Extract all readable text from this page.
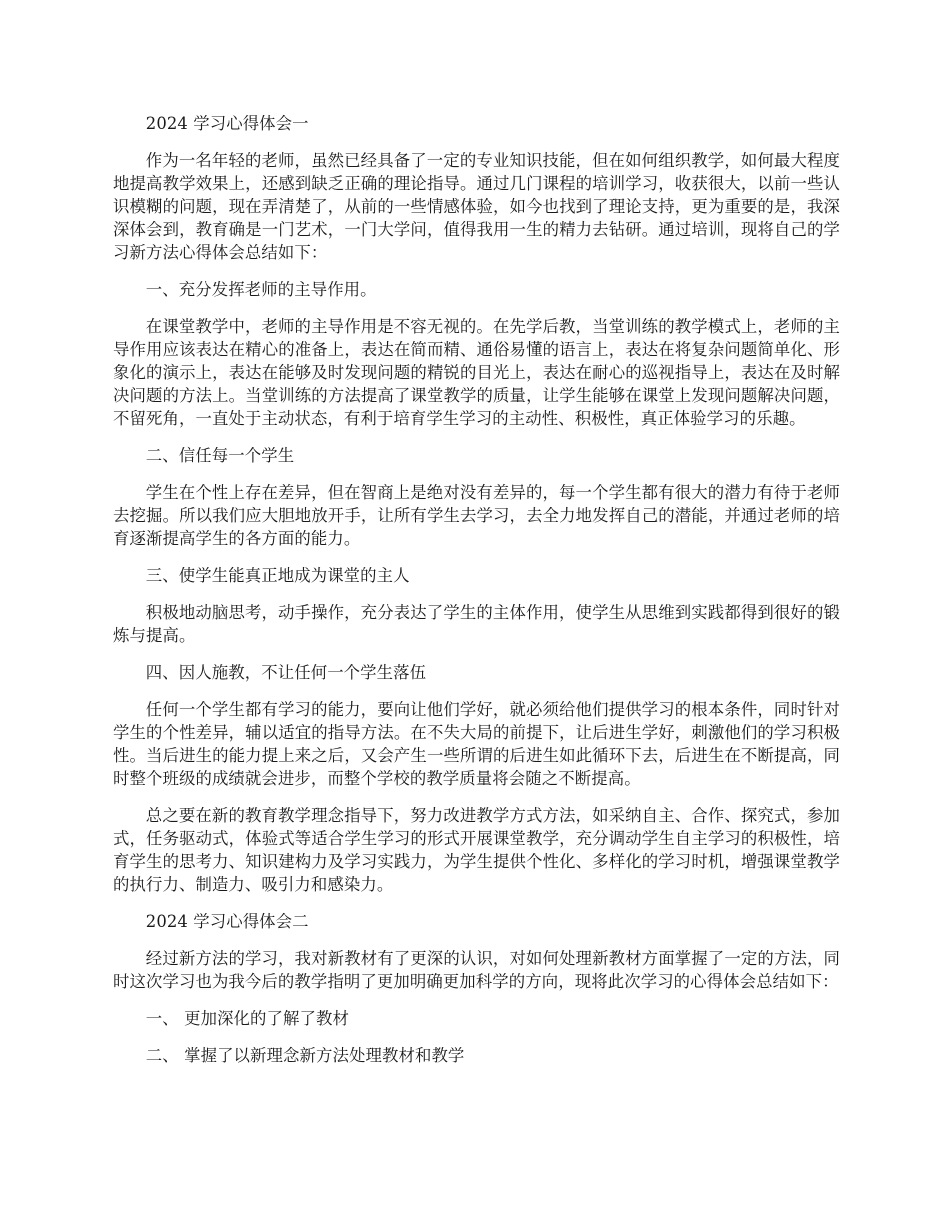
2024 学习心得体会一

作为一名年轻的老师，虽然已经具备了一定的专业知识技能，但在如何组织教学，如何最大程度地提高教学效果上，还感到缺乏正确的理论指导。通过几门课程的培训学习，收获很大，以前一些认识模糊的问题，现在弄清楚了，从前的一些情感体验，如今也找到了理论支持，更为重要的是，我深深体会到，教育确是一门艺术，一门大学问，值得我用一生的精力去钻研。通过培训，现将自己的学习新方法心得体会总结如下：

一、充分发挥老师的主导作用。

在课堂教学中，老师的主导作用是不容无视的。在先学后教，当堂训练的教学模式上，老师的主导作用应该表达在精心的准备上，表达在简而精、通俗易懂的语言上，表达在将复杂问题简单化、形象化的演示上，表达在能够及时发现问题的精锐的目光上，表达在耐心的巡视指导上，表达在及时解决问题的方法上。当堂训练的方法提高了课堂教学的质量，让学生能够在课堂上发现问题解决问题，不留死角，一直处于主动状态，有利于培育学生学习的主动性、积极性，真正体验学习的乐趣。

二、信任每一个学生

学生在个性上存在差异，但在智商上是绝对没有差异的，每一个学生都有很大的潜力有待于老师去挖掘。所以我们应大胆地放开手，让所有学生去学习，去全力地发挥自己的潜能，并通过老师的培育逐渐提高学生的各方面的能力。

三、使学生能真正地成为课堂的主人

积极地动脑思考，动手操作，充分表达了学生的主体作用，使学生从思维到实践都得到很好的锻炼与提高。

四、因人施教，不让任何一个学生落伍

任何一个学生都有学习的能力，要向让他们学好，就必须给他们提供学习的根本条件，同时针对学生的个性差异，辅以适宜的指导方法。在不失大局的前提下，让后进生学好，刺激他们的学习积极性。当后进生的能力提上来之后，又会产生一些所谓的后进生如此循环下去，后进生在不断提高，同时整个班级的成绩就会进步，而整个学校的教学质量将会随之不断提高。

总之要在新的教育教学理念指导下，努力改进教学方式方法，如采纳自主、合作、探究式，参加式，任务驱动式，体验式等适合学生学习的形式开展课堂教学，充分调动学生自主学习的积极性，培育学生的思考力、知识建构力及学习实践力，为学生提供个性化、多样化的学习时机，增强课堂教学的执行力、制造力、吸引力和感染力。

2024 学习心得体会二

经过新方法的学习，我对新教材有了更深的认识，对如何处理新教材方面掌握了一定的方法，同时这次学习也为我今后的教学指明了更加明确更加科学的方向，现将此次学习的心得体会总结如下：

一、 更加深化的了解了教材

二、 掌握了以新理念新方法处理教材和教学
